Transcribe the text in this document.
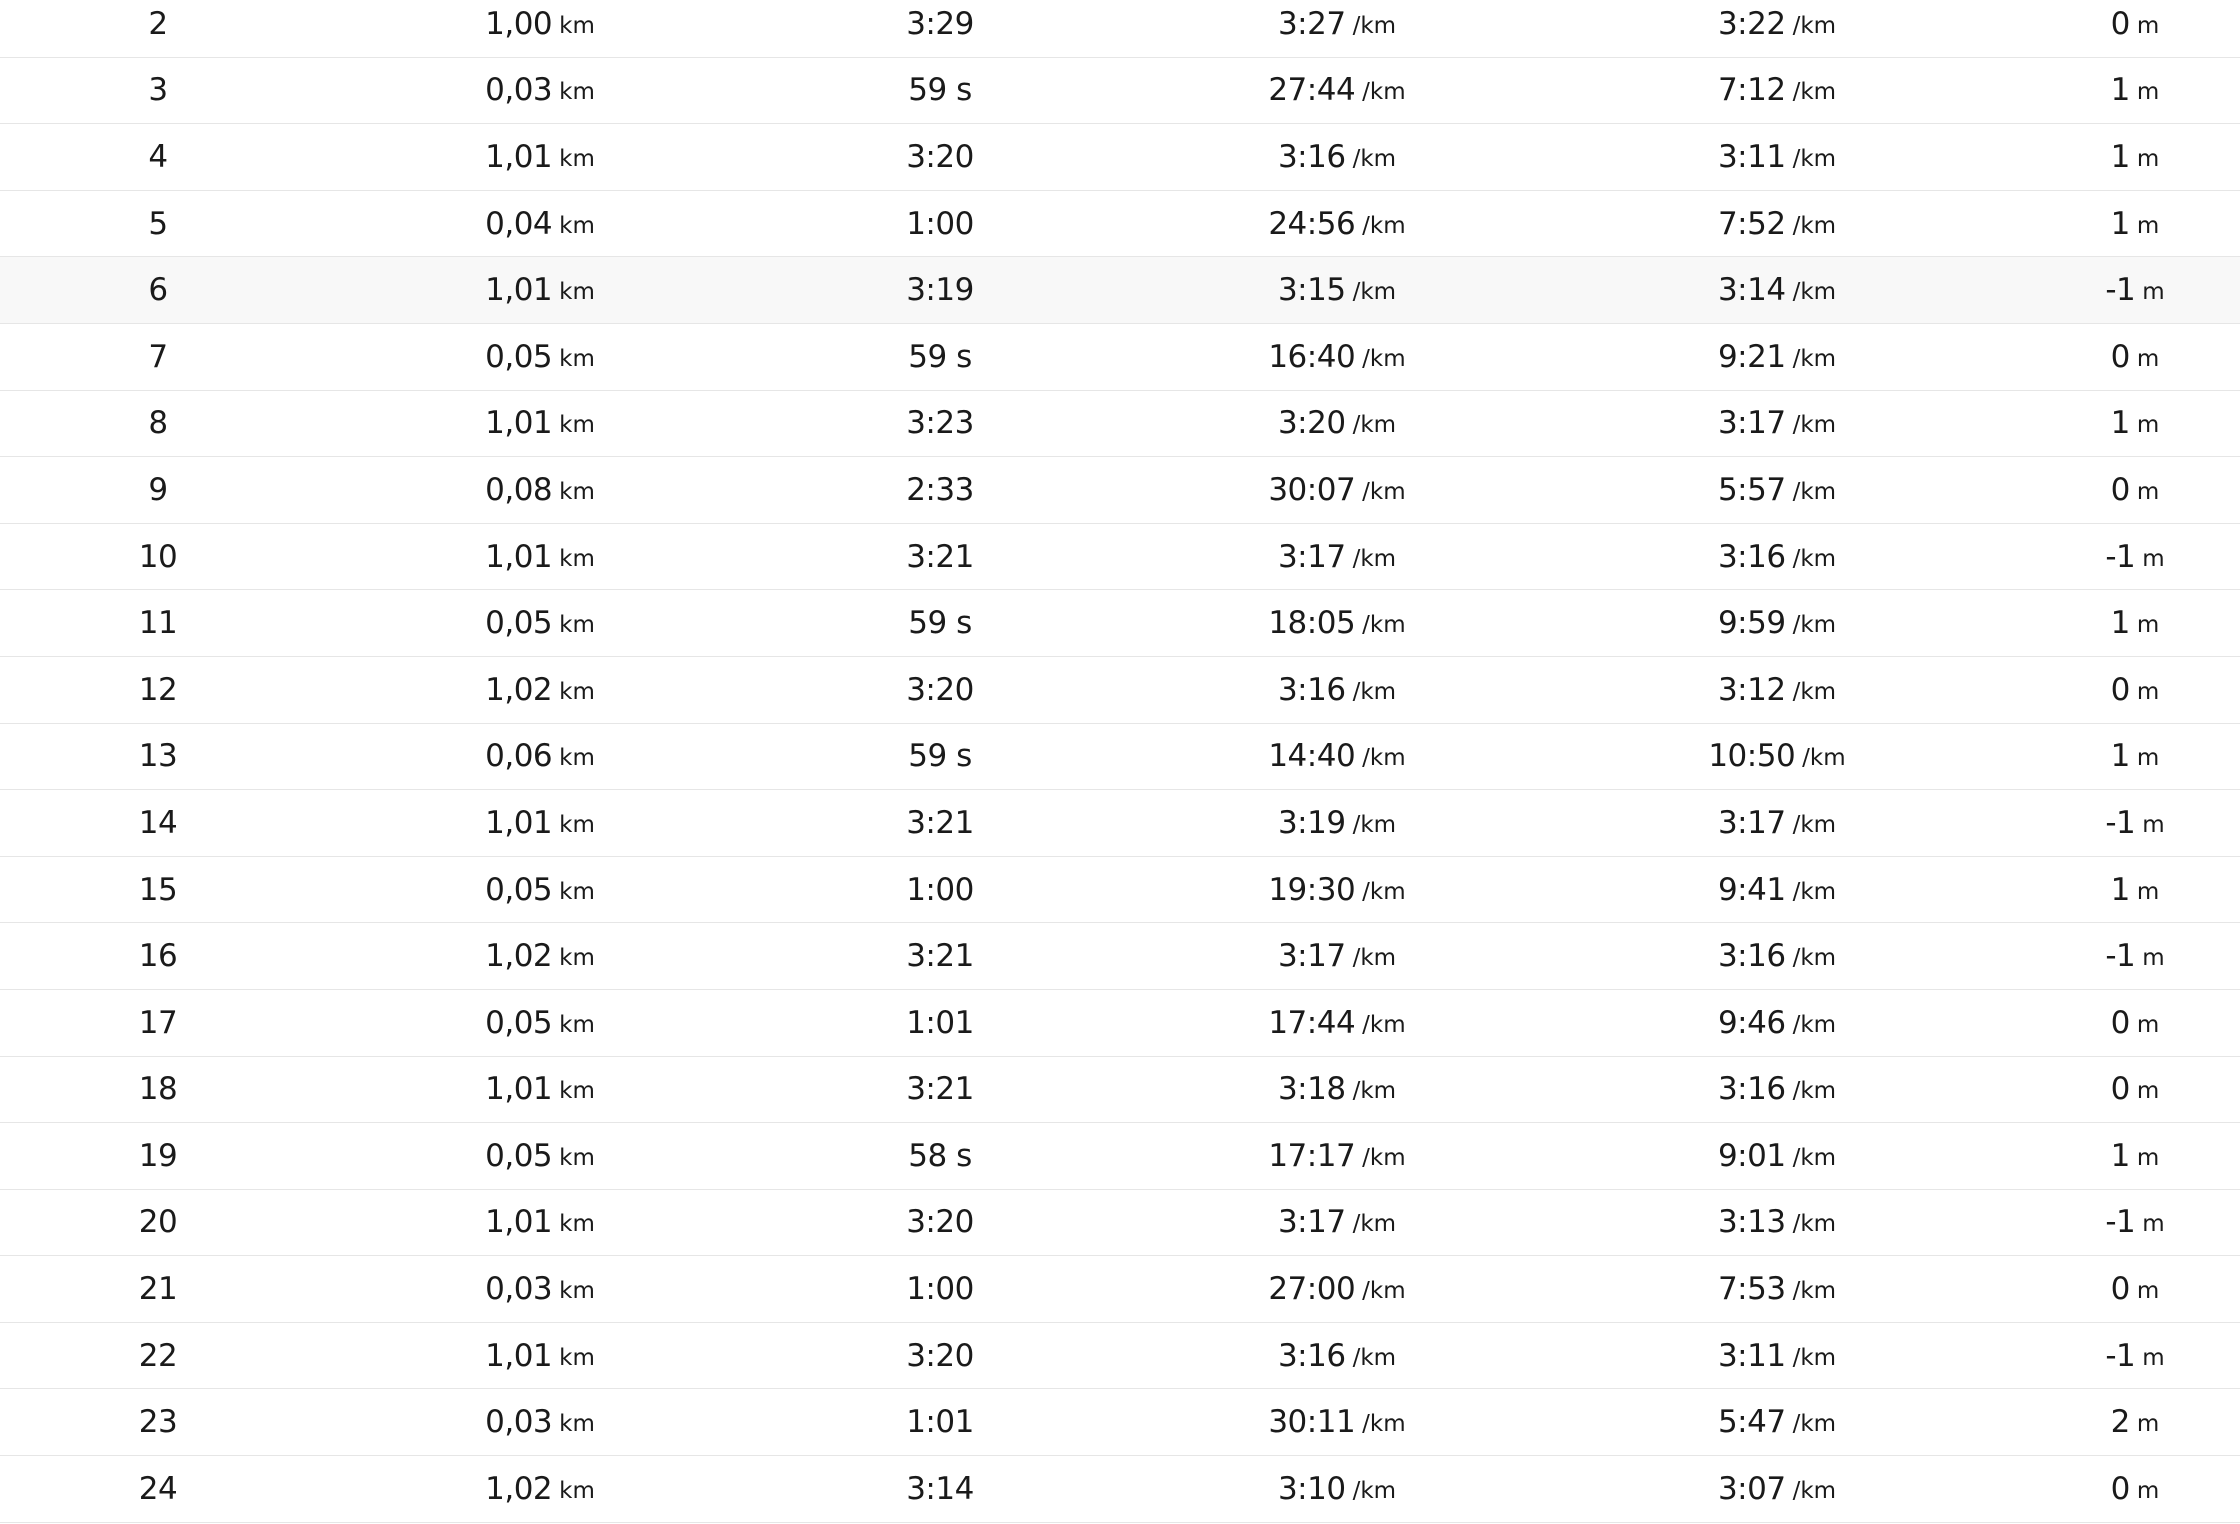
2	1,00 km	3:29	3:27 /km	3:22 /km	0 m
3	0,03 km	59 s	27:44 /km	7:12 /km	1 m
4	1,01 km	3:20	3:16 /km	3:11 /km	1 m
5	0,04 km	1:00	24:56 /km	7:52 /km	1 m
6	1,01 km	3:19	3:15 /km	3:14 /km	-1 m
7	0,05 km	59 s	16:40 /km	9:21 /km	0 m
8	1,01 km	3:23	3:20 /km	3:17 /km	1 m
9	0,08 km	2:33	30:07 /km	5:57 /km	0 m
10	1,01 km	3:21	3:17 /km	3:16 /km	-1 m
11	0,05 km	59 s	18:05 /km	9:59 /km	1 m
12	1,02 km	3:20	3:16 /km	3:12 /km	0 m
13	0,06 km	59 s	14:40 /km	10:50 /km	1 m
14	1,01 km	3:21	3:19 /km	3:17 /km	-1 m
15	0,05 km	1:00	19:30 /km	9:41 /km	1 m
16	1,02 km	3:21	3:17 /km	3:16 /km	-1 m
17	0,05 km	1:01	17:44 /km	9:46 /km	0 m
18	1,01 km	3:21	3:18 /km	3:16 /km	0 m
19	0,05 km	58 s	17:17 /km	9:01 /km	1 m
20	1,01 km	3:20	3:17 /km	3:13 /km	-1 m
21	0,03 km	1:00	27:00 /km	7:53 /km	0 m
22	1,01 km	3:20	3:16 /km	3:11 /km	-1 m
23	0,03 km	1:01	30:11 /km	5:47 /km	2 m
24	1,02 km	3:14	3:10 /km	3:07 /km	0 m
